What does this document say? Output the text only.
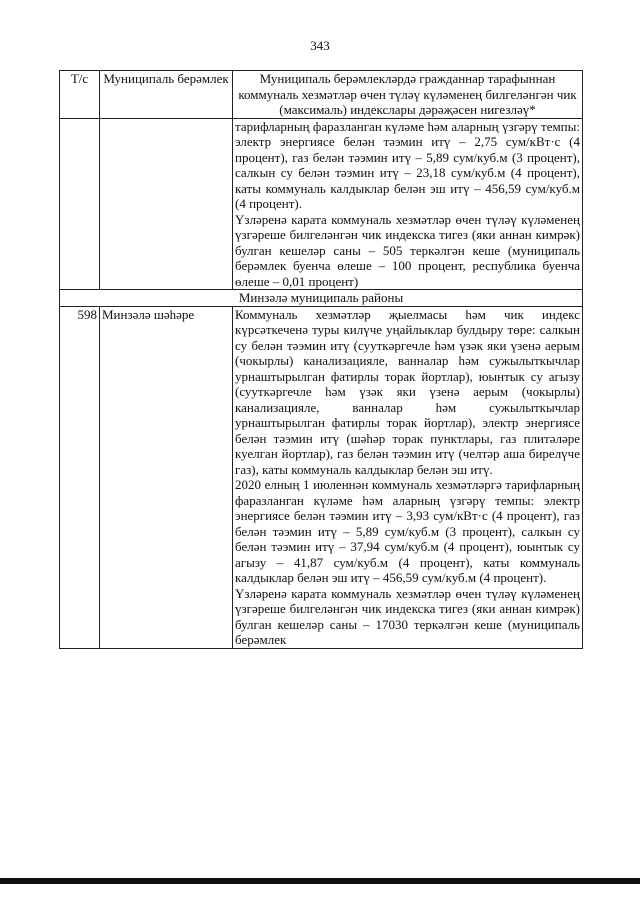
343
Т/с	Муниципаль берәмлек	Муниципаль берәмлекләрдә гражданнар тарафыннан коммуналь хезмәтләр өчен түләү күләменең билгеләнгән чик (максималь) индекслары дәрәҗәсен нигезләү*

		тарифларның фаразланган күләме һәм аларның үзгәрү темпы: электр энергиясе белән тәэмин итү – 2,75 сум/кВт·с (4 процент), газ белән тәэмин итү – 5,89 сум/куб.м (3 процент), салкын су белән тәэмин итү – 23,18 сум/куб.м (4 процент), каты коммуналь калдыклар белән эш итү – 456,59 сум/куб.м (4 процент).

Үзләренә карата коммуналь хезмәтләр өчен түләү күләменең үзгәреше билгеләнгән чик индекска тигез (яки аннан кимрәк) булган кешеләр саны – 505 теркәлгән кеше (муниципаль берәмлек буенча өлеше – 100 процент, республика буенча өлеше – 0,01 процент)

Минзәлә муниципаль районы		
598	Минзәлә шәһәре	Коммуналь хезмәтләр җыелмасы һәм чик индекс күрсәткеченә туры килүче уңайлыклар булдыру төре: салкын су белән тәэмин итү (сууткәргечле һәм үзәк яки үзенә аерым (чокырлы) канализацияле, ванналар һәм сужылыткычлар урнаштырылган фатирлы торак йортлар), юынтык су агызу (сууткәргечле һәм үзәк яки үзенә аерым (чокырлы) канализацияле, ванналар һәм сужылыткычлар урнаштырылган фатирлы торак йортлар), электр энергиясе белән тәэмин итү (шәһәр торак пунктлары, газ плитәләре куелган йортлар), газ белән тәэмин итү (челтәр аша бирелүче газ), каты коммуналь калдыклар белән эш итү.

2020 елның 1 июленнән коммуналь хезмәтләргә тарифларның фаразланган күләме һәм аларның үзгәрү темпы: электр энергиясе белән тәэмин итү – 3,93 сум/кВт·с (4 процент), газ белән тәэмин итү – 5,89 сум/куб.м (3 процент), салкын су белән тәэмин итү – 37,94 сум/куб.м (4 процент), юынтык су агызу – 41,87 сум/куб.м (4 процент), каты коммуналь калдыклар белән эш итү – 456,59 сум/куб.м (4 процент).

Үзләренә карата коммуналь хезмәтләр өчен түләү күләменең үзгәреше билгеләнгән чик индекска тигез (яки аннан кимрәк) булган кешеләр саны – 17030 теркәлгән кеше (муниципаль берәмлек
